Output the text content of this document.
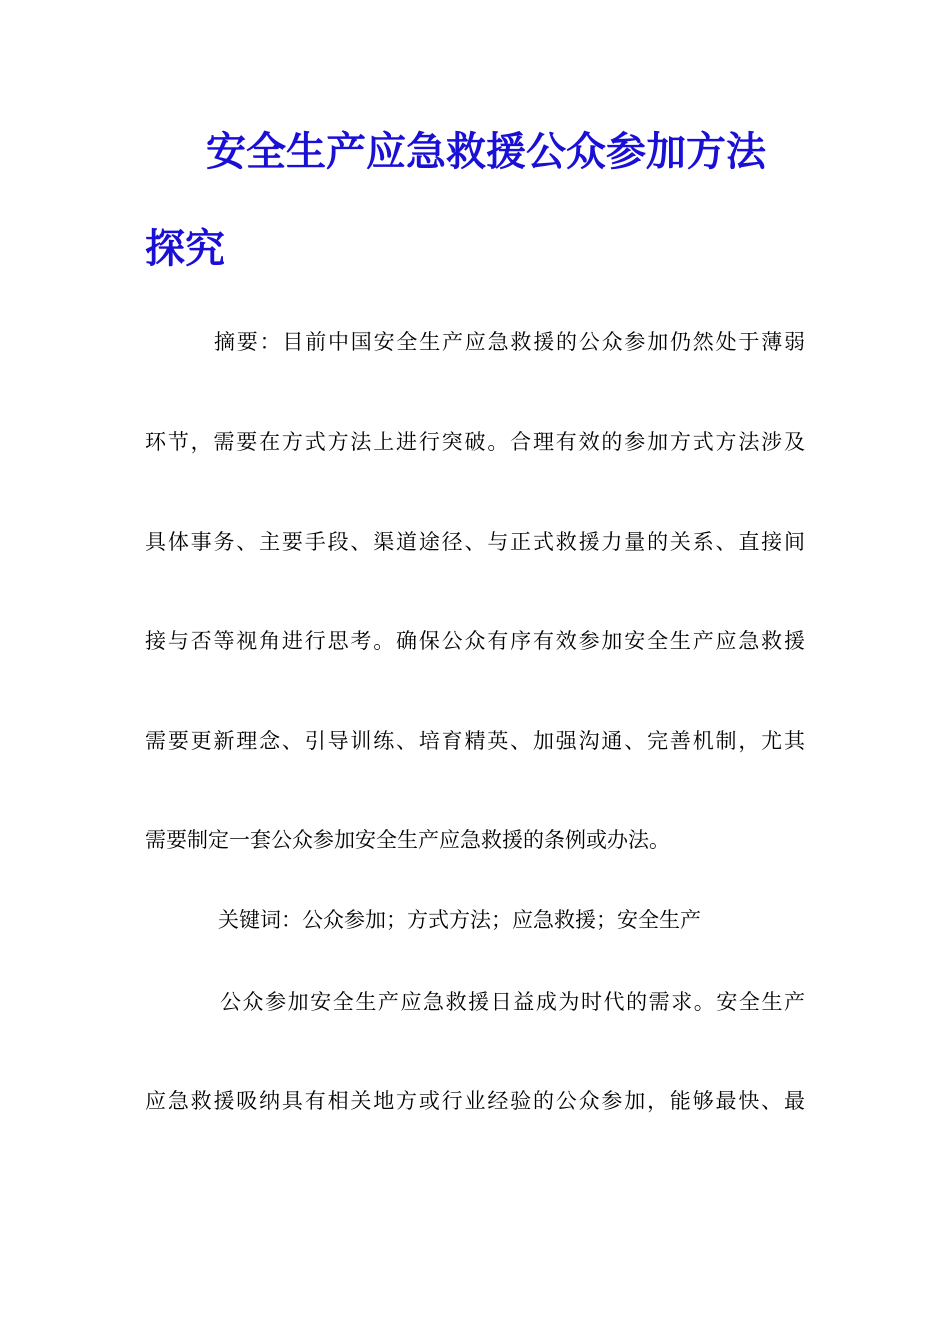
安全生产应急救援公众参加方法
探究
摘要：目前中国安全生产应急救援的公众参加仍然处于薄弱
环节，需要在方式方法上进行突破。合理有效的参加方式方法涉及
具体事务、主要手段、渠道途径、与正式救援力量的关系、直接间
接与否等视角进行思考。确保公众有序有效参加安全生产应急救援
需要更新理念、引导训练、培育精英、加强沟通、完善机制，尤其
需要制定一套公众参加安全生产应急救援的条例或办法。
关键词：公众参加；方式方法；应急救援；安全生产
公众参加安全生产应急救援日益成为时代的需求。安全生产
应急救援吸纳具有相关地方或行业经验的公众参加，能够最快、最
